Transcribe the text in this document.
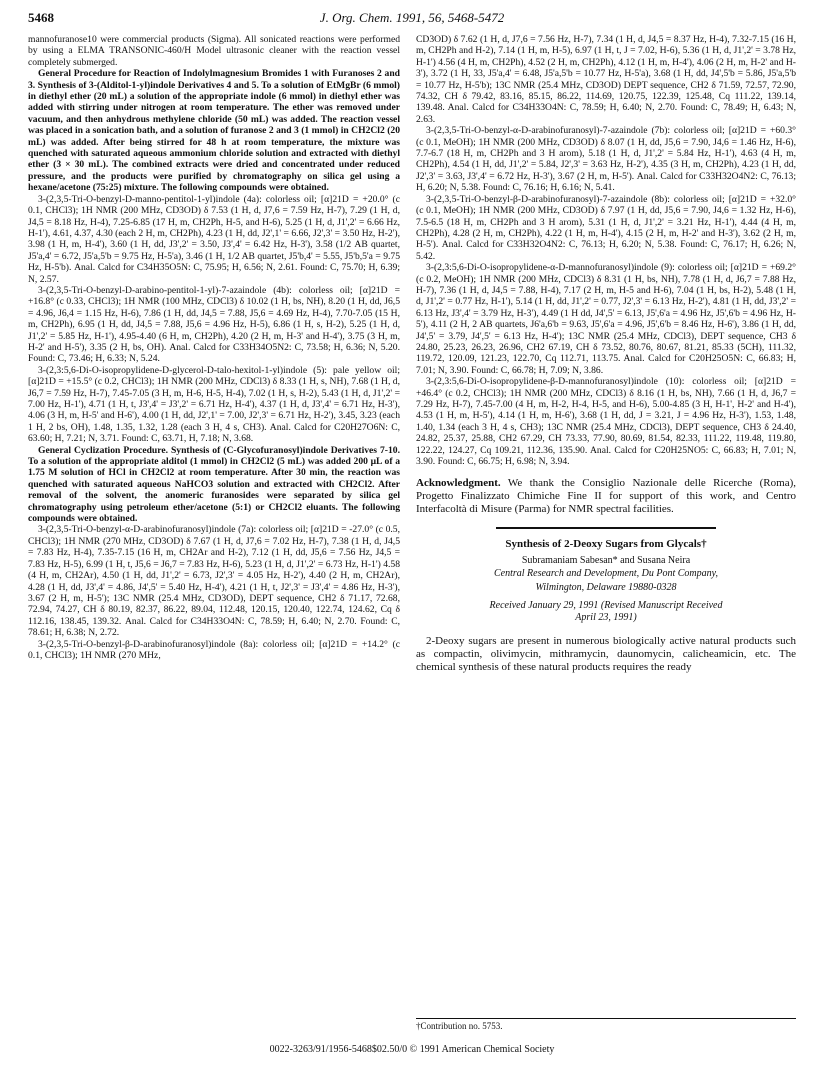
5468	J. Org. Chem. 1991, 56, 5468-5472

mannofuranose10 were commercial products (Sigma). All sonicated reactions were performed by using a ELMA TRANSONIC-460/H Model ultrasonic cleaner with the reaction vessel completely submerged.

General Procedure for Reaction of Indolylmagnesium Bromides 1 with Furanoses 2 and 3. Synthesis of 3-(Alditol-1-yl)indole Derivatives 4 and 5. To a solution of EtMgBr (6 mmol) in diethyl ether (20 mL) a solution of the appropriate indole (6 mmol) in diethyl ether was added with stirring under nitrogen at room temperature. The ether was removed under vacuum, and then anhydrous methylene chloride (50 mL) was added. The reaction vessel was placed in a sonication bath, and a solution of furanose 2 and 3 (1 mmol) in CH2Cl2 (20 mL) was added. After being stirred for 48 h at room temperature, the mixture was quenched with saturated aqueous ammonium chloride solution and extracted with diethyl ether (3 × 30 mL). The combined extracts were dried and concentrated under reduced pressure, and the products were purified by chromatography on silica gel using a hexane/acetone (75:25) mixture. The following compounds were obtained.

3-(2,3,5-Tri-O-benzyl-D-manno-pentitol-1-yl)indole (4a): colorless oil; [α]21D = +20.0° (c 0.1, CHCl3); 1H NMR (200 MHz, CD3OD) δ 7.53 (1 H, d, J7,6 = 7.59 Hz, H-7), 7.29 (1 H, d, J4,5 = 8.18 Hz, H-4), 7.25-6.85 (17 H, m, CH2Ph, H-5, and H-6), 5.25 (1 H, d, J1',2' = 6.66 Hz, H-1'), 4.61, 4.37, 4.30 (each 2 H, m, CH2Ph), 4.23 (1 H, dd, J2',1' = 6.66, J2',3' = 3.50 Hz, H-2'), 3.98 (1 H, m, H-4'), 3.60 (1 H, dd, J3',2' = 3.50, J3',4' = 6.42 Hz, H-3'), 3.58 (1/2 AB quartet, J5'a,4' = 6.72, J5'a,5'b = 9.75 Hz, H-5'a), 3.46 (1 H, 1/2 AB quartet, J5'b,4' = 5.55, J5'b,5'a = 9.75 Hz, H-5'b). Anal. Calcd for C34H35O5N: C, 75.95; H, 6.56; N, 2.61. Found: C, 75.70; H, 6.39; N, 2.57.

3-(2,3,5-Tri-O-benzyl-D-arabino-pentitol-1-yl)-7-azaindole (4b): colorless oil; [α]21D = +16.8° (c 0.33, CHCl3); 1H NMR (100 MHz, CDCl3) δ 10.02 (1 H, bs, NH), 8.20 (1 H, dd, J6,5 = 4.96, J6,4 = 1.15 Hz, H-6), 7.86 (1 H, dd, J4,5 = 7.88, J5,6 = 4.69 Hz, H-4), 7.70-7.05 (15 H, m, CH2Ph), 6.95 (1 H, dd, J4,5 = 7.88, J5,6 = 4.96 Hz, H-5), 6.86 (1 H, s, H-2), 5.25 (1 H, d, J1',2' = 5.85 Hz, H-1'), 4.95-4.40 (6 H, m, CH2Ph), 4.20 (2 H, m, H-3' and H-4'), 3.75 (3 H, m, H-2' and H-5'), 3.35 (2 H, bs, OH). Anal. Calcd for C33H34O5N2: C, 73.58; H, 6.36; N, 5.20. Found: C, 73.46; H, 6.33; N, 5.24.

3-(2,3:5,6-Di-O-isopropylidene-D-glycerol-D-talo-hexitol-1-yl)indole (5): pale yellow oil; [α]21D = +15.5° (c 0.2, CHCl3); 1H NMR (200 MHz, CDCl3) δ 8.33 (1 H, s, NH), 7.68 (1 H, d, J6,7 = 7.59 Hz, H-7), 7.45-7.05 (3 H, m, H-6, H-5, H-4), 7.02 (1 H, s, H-2), 5.43 (1 H, d, J1',2' = 7.00 Hz, H-1'), 4.71 (1 H, t, J3',4' = J3',2' = 6.71 Hz, H-4'), 4.37 (1 H, d, J3',4' = 6.71 Hz, H-3'), 4.06 (3 H, m, H-5' and H-6'), 4.00 (1 H, dd, J2',1' = 7.00, J2',3' = 6.71 Hz, H-2'), 3.45, 3.23 (each 1 H, 2 bs, OH), 1.48, 1.35, 1.32, 1.28 (each 3 H, 4 s, CH3). Anal. Calcd for C20H27O6N: C, 63.60; H, 7.21; N, 3.71. Found: C, 63.71, H, 7.18; N, 3.68.

General Cyclization Procedure. Synthesis of (C-Glycofuranosyl)indole Derivatives 7-10. To a solution of the appropriate alditol (1 mmol) in CH2Cl2 (5 mL) was added 200 μL of a 1.75 M solution of HCl in CH2Cl2 at room temperature. After 30 min, the reaction was quenched with saturated aqueous NaHCO3 solution and extracted with CH2Cl2. After removal of the solvent, the anomeric furanosides were separated by silica gel chromatography using petroleum ether/acetone (5:1) or CH2Cl2 eluants. The following compounds were obtained.

3-(2,3,5-Tri-O-benzyl-α-D-arabinofuranosyl)indole (7a): colorless oil; [α]21D = -27.0° (c 0.5, CHCl3); 1H NMR (270 MHz, CD3OD) δ 7.67 (1 H, d, J7,6 = 7.02 Hz, H-7), 7.38 (1 H, d, J4,5 = 7.83 Hz, H-4), 7.35-7.15 (16 H, m, CH2Ar and H-2), 7.12 (1 H, dd, J5,6 = 7.56 Hz, J4,5 = 7.83 Hz, H-5), 6.99 (1 H, t, J5,6 = J6,7 = 7.83 Hz, H-6), 5.23 (1 H, d, J1',2' = 6.73 Hz, H-1') 4.58 (4 H, m, CH2Ar), 4.50 (1 H, dd, J1',2' = 6.73, J2',3' = 4.05 Hz, H-2'), 4.40 (2 H, m, CH2Ar), 4.28 (1 H, dd, J3',4' = 4.86, J4',5' = 5.40 Hz, H-4'), 4.21 (1 H, t, J2',3' = J3',4' = 4.86 Hz, H-3'), 3.67 (2 H, m, H-5'); 13C NMR (25.4 MHz, CD3OD), DEPT sequence, CH2 δ 71.17, 72.68, 72.94, 74.27, CH δ 80.19, 82.37, 86.22, 89.04, 112.48, 120.15, 120.40, 122.74, 124.62, Cq δ 112.16, 138.45, 139.32. Anal. Calcd for C34H33O4N: C, 78.59; H, 6.40; N, 2.70. Found: C, 78.61; H, 6.38; N, 2.72.

3-(2,3,5-Tri-O-benzyl-β-D-arabinofuranosyl)indole (8a): colorless oil; [α]21D = +14.2° (c 0.1, CHCl3); 1H NMR (270 MHz,

CD3OD) δ 7.62 (1 H, d, J7,6 = 7.56 Hz, H-7), 7.34 (1 H, d, J4,5 = 8.37 Hz, H-4), 7.32-7.15 (16 H, m, CH2Ph and H-2), 7.14 (1 H, m, H-5), 6.97 (1 H, t, J = 7.02, H-6), 5.36 (1 H, d, J1',2' = 3.78 Hz, H-1') 4.56 (4 H, m, CH2Ph), 4.52 (2 H, m, CH2Ph), 4.12 (1 H, m, H-4'), 4.06 (2 H, m, H-2' and H-3'), 3.72 (1 H, 33, J5'a,4' = 6.48, J5'a,5'b = 10.77 Hz, H-5'a), 3.68 (1 H, dd, J4',5'b = 5.86, J5'a,5'b = 10.77 Hz, H-5'b); 13C NMR (25.4 MHz, CD3OD) DEPT sequence, CH2 δ 71.59, 72.57, 72.90, 74.32, CH δ 79.42, 83.16, 85.15, 86.22, 114.69, 120.75, 122.39, 125.48, Cq 111.22, 139.14, 139.48. Anal. Calcd for C34H33O4N: C, 78.59; H, 6.40; N, 2.70. Found: C, 78.49; H, 6.43; N, 2.63.

3-(2,3,5-Tri-O-benzyl-α-D-arabinofuranosyl)-7-azaindole (7b): colorless oil; [α]21D = +60.3° (c 0.1, MeOH); 1H NMR (200 MHz, CD3OD) δ 8.07 (1 H, dd, J5,6 = 7.90, J4,6 = 1.46 Hz, H-6), 7.7-6.7 (18 H, m, CH2Ph and 3 H arom), 5.18 (1 H, d, J1',2' = 5.84 Hz, H-1'), 4.63 (4 H, m, CH2Ph), 4.54 (1 H, dd, J1',2' = 5.84, J2',3' = 3.63 Hz, H-2'), 4.35 (3 H, m, CH2Ph), 4.23 (1 H, dd, J2',3' = 3.63, J3',4' = 6.72 Hz, H-3'), 3.67 (2 H, m, H-5'). Anal. Calcd for C33H32O4N2: C, 76.13; H, 6.20; N, 5.38. Found: C, 76.16; H, 6.16; N, 5.41.

3-(2,3,5-Tri-O-benzyl-β-D-arabinofuranosyl)-7-azaindole (8b): colorless oil; [α]21D = +32.0° (c 0.1, MeOH); 1H NMR (200 MHz, CD3OD) δ 7.97 (1 H, dd, J5,6 = 7.90, J4,6 = 1.32 Hz, H-6), 7.5-6.5 (18 H, m, CH2Ph and 3 H arom), 5.31 (1 H, d, J1',2' = 3.21 Hz, H-1'), 4.44 (4 H, m, CH2Ph), 4.28 (2 H, m, CH2Ph), 4.22 (1 H, m, H-4'), 4.15 (2 H, m, H-2' and H-3'), 3.62 (2 H, m, H-5'). Anal. Calcd for C33H32O4N2: C, 76.13; H, 6.20; N, 5.38. Found: C, 76.17; H, 6.26; N, 5.42.

3-(2,3:5,6-Di-O-isopropylidene-α-D-mannofuranosyl)indole (9): colorless oil; [α]21D = +69.2° (c 0.2, MeOH); 1H NMR (200 MHz, CDCl3) δ 8.31 (1 H, bs, NH), 7.78 (1 H, d, J6,7 = 7.88 Hz, H-7), 7.36 (1 H, d, J4,5 = 7.88, H-4), 7.17 (2 H, m, H-5 and H-6), 7.04 (1 H, bs, H-2), 5.48 (1 H, d, J1',2' = 0.77 Hz, H-1'), 5.14 (1 H, dd, J1',2' = 0.77, J2',3' = 6.13 Hz, H-2'), 4.81 (1 H, dd, J3',2' = 6.13 Hz, J3',4' = 3.79 Hz, H-3'), 4.49 (1 H dd, J4',5' = 6.13, J5',6'a = 4.96 Hz, J5',6'b = 4.96 Hz, H-5'), 4.11 (2 H, 2 AB quartets, J6'a,6'b = 9.63, J5',6'a = 4.96, J5',6'b = 8.46 Hz, H-6'), 3.86 (1 H, dd, J4',5' = 3.79, J4',5' = 6.13 Hz, H-4'); 13C NMR (25.4 MHz, CDCl3), DEPT sequence, CH3 δ 24.80, 25.23, 26.23, 26.96, CH2 67.19, CH δ 73.52, 80.76, 80.67, 81.21, 85.33 (5CH), 111.32, 119.72, 120.09, 121.23, 122.70, Cq 112.71, 113.75. Anal. Calcd for C20H25O5N: C, 66.83; H, 7.01; N, 3.90. Found: C, 66.78; H, 7.09; N, 3.86.

3-(2,3:5,6-Di-O-isopropylidene-β-D-mannofuranosyl)indole (10): colorless oil; [α]21D = +46.4° (c 0.2, CHCl3); 1H NMR (200 MHz, CDCl3) δ 8.16 (1 H, bs, NH), 7.66 (1 H, d, J6,7 = 7.29 Hz, H-7), 7.45-7.00 (4 H, m, H-2, H-4, H-5, and H-6), 5.00-4.85 (3 H, H-1', H-2' and H-4'), 4.53 (1 H, m, H-5'), 4.14 (1 H, m, H-6'), 3.68 (1 H, dd, J = 3.21, J = 4.96 Hz, H-3'), 1.53, 1.48, 1.40, 1.34 (each 3 H, 4 s, CH3); 13C NMR (25.4 MHz, CDCl3), DEPT sequence, CH3 δ 24.40, 24.82, 25.37, 25.88, CH2 67.29, CH 73.33, 77.90, 80.69, 81.54, 82.33, 111.22, 119.48, 119.80, 122.22, 124.27, Cq 109.21, 112.36, 135.90. Anal. Calcd for C20H25NO5: C, 66.83; H, 7.01; N, 3.90. Found: C, 66.75; H, 6.98; N, 3.94.

Acknowledgment. We thank the Consiglio Nazionale delle Ricerche (Roma), Progetto Finalizzato Chimiche Fine II for support of this work, and Centro Interfacoltà di Misure (Parma) for NMR spectral facilities.

Synthesis of 2-Deoxy Sugars from Glycals†
Subramaniam Sabesan* and Susana Neira
Central Research and Development, Du Pont Company,
Wilmington, Delaware 19880-0328
Received January 29, 1991 (Revised Manuscript Received
April 23, 1991)

2-Deoxy sugars are present in numerous biologically active natural products such as compactin, olivimycin, mithramycin, daunomycin, calicheamicin, etc. The chemical synthesis of these natural products requires the ready

†Contribution no. 5753.
0022-3263/91/1956-5468$02.50/0 © 1991 American Chemical Society
